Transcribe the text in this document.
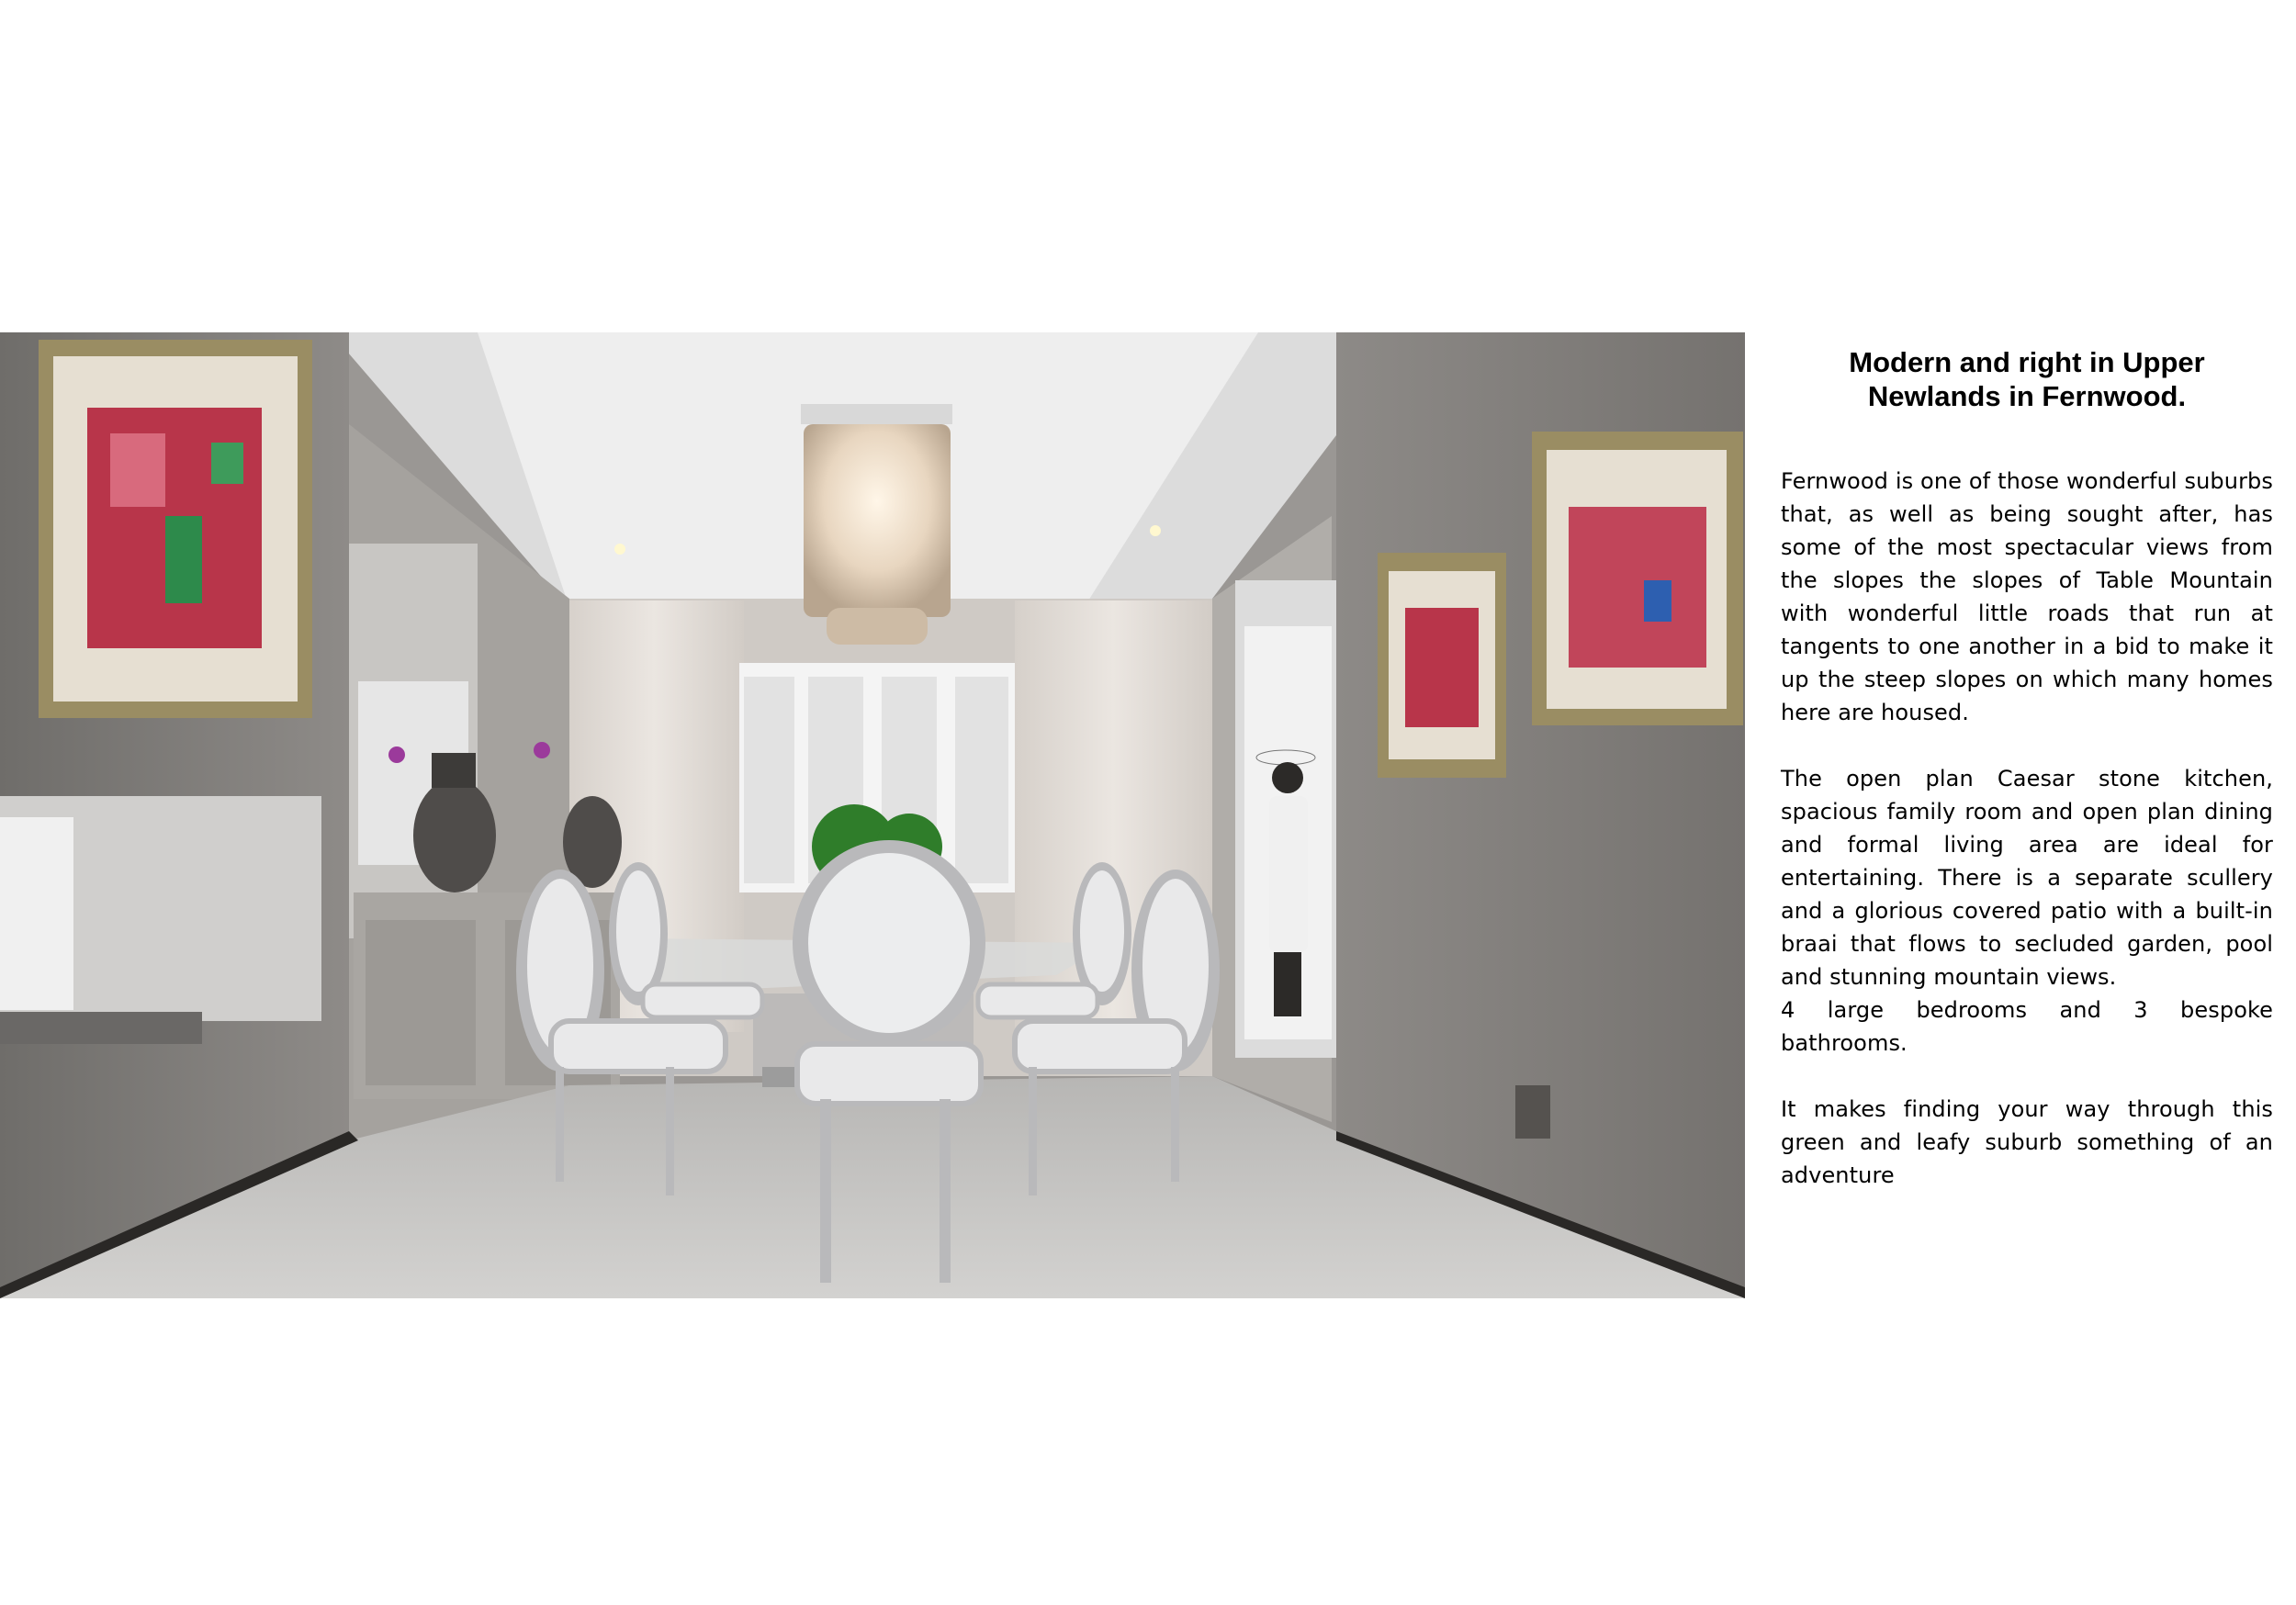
Modern and right in Upper
Newlands in Fernwood.

Fernwood is one of those wonderful suburbs that, as well as being sought after, has some of the most spectacular views from the slopes the slopes of Table Mountain with wonderful little roads that run at tangents to one another in a bid to make it up the steep slopes on which many homes here are housed.

The open plan Caesar stone kitchen, spacious family room and open plan dining and formal living area are ideal for entertaining. There is a separate scullery and a glorious covered patio with a built-in braai that flows to secluded garden, pool and stunning mountain views.

4 large bedrooms and 3 bespoke bathrooms.

It makes finding your way through this green and leafy suburb something of an adventure
